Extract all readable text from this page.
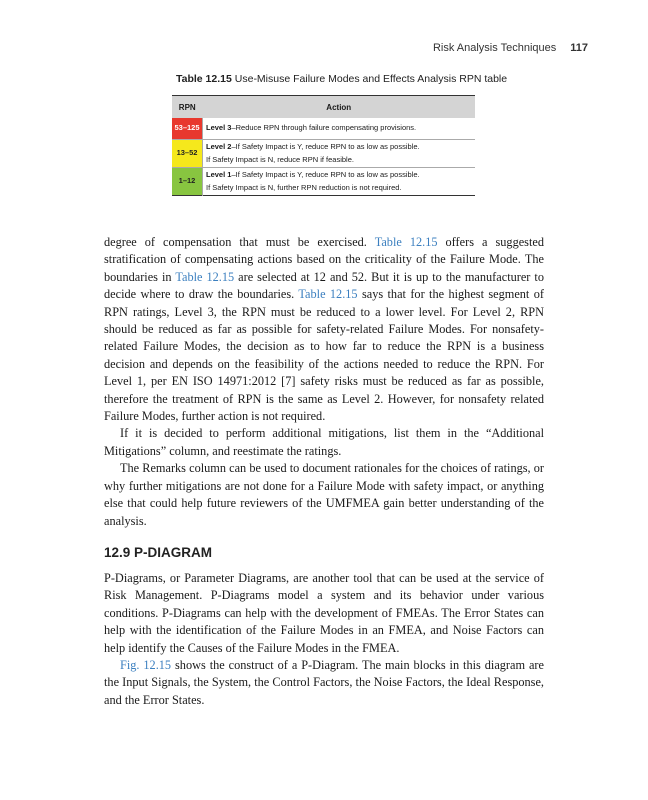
Risk Analysis Techniques 117
Table 12.15 Use-Misuse Failure Modes and Effects Analysis RPN table
RPN	Action
53–125	Level 3–Reduce RPN through failure compensating provisions.
13–52	Level 2–If Safety Impact is Y, reduce RPN to as low as possible.
If Safety Impact is N, reduce RPN if feasible.

1–12	Level 1–If Safety Impact is Y, reduce RPN to as low as possible.
If Safety Impact is N, further RPN reduction is not required.

degree of compensation that must be exercised. Table 12.15 offers a suggested stratification of compensating actions based on the criticality of the Failure Mode. The boundaries in Table 12.15 are selected at 12 and 52. But it is up to the manufacturer to decide where to draw the boundaries. Table 12.15 says that for the highest segment of RPN ratings, Level 3, the RPN must be reduced to a lower level. For Level 2, RPN should be reduced as far as possible for safety-related Failure Modes. For nonsafety-related Failure Modes, the decision as to how far to reduce the RPN is a business decision and depends on the feasibility of the actions needed to reduce the RPN. For Level 1, per EN ISO 14971:2012 [7] safety risks must be reduced as far as possible, therefore the treatment of RPN is the same as Level 2. However, for nonsafety related Failure Modes, further action is not required.

If it is decided to perform additional mitigations, list them in the “Additional Mitigations” column, and reestimate the ratings.

The Remarks column can be used to document rationales for the choices of ratings, or why further mitigations are not done for a Failure Mode with safety impact, or anything else that could help future reviewers of the UMFMEA gain better understanding of the analysis.

12.9 P-DIAGRAM

P-Diagrams, or Parameter Diagrams, are another tool that can be used at the service of Risk Management. P-Diagrams model a system and its behavior under various conditions. P-Diagrams can help with the development of FMEAs. The Error States can help with the identification of the Failure Modes in an FMEA, and Noise Factors can help identify the Causes of the Failure Modes in the FMEA.

Fig. 12.15 shows the construct of a P-Diagram. The main blocks in this diagram are the Input Signals, the System, the Control Factors, the Noise Factors, the Ideal Response, and the Error States.
